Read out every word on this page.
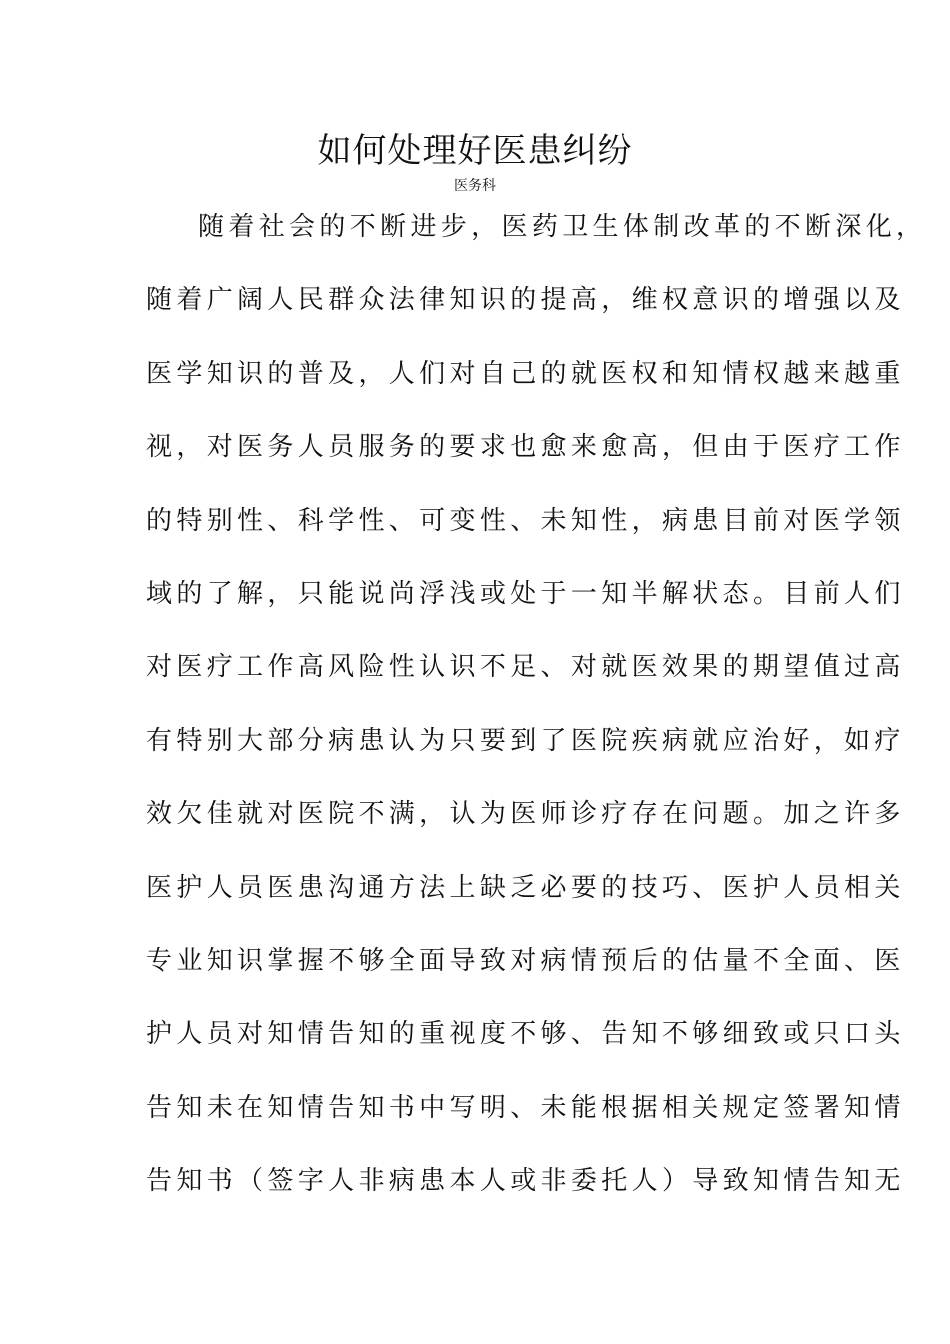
如何处理好医患纠纷
医务科
随着社会的不断进步，医药卫生体制改革的不断深化，
随着广阔人民群众法律知识的提高，维权意识的增强以及
医学知识的普及，人们对自己的就医权和知情权越来越重
视，对医务人员服务的要求也愈来愈高，但由于医疗工作
的特别性、科学性、可变性、未知性，病患目前对医学领
域的了解，只能说尚浮浅或处于一知半解状态。目前人们
对医疗工作高风险性认识不足、对就医效果的期望值过高
有特别大部分病患认为只要到了医院疾病就应治好，如疗
效欠佳就对医院不满，认为医师诊疗存在问题。加之许多
医护人员医患沟通方法上缺乏必要的技巧、医护人员相关
专业知识掌握不够全面导致对病情预后的估量不全面、医
护人员对知情告知的重视度不够、告知不够细致或只口头
告知未在知情告知书中写明、未能根据相关规定签署知情
告知书（签字人非病患本人或非委托人）导致知情告知无
